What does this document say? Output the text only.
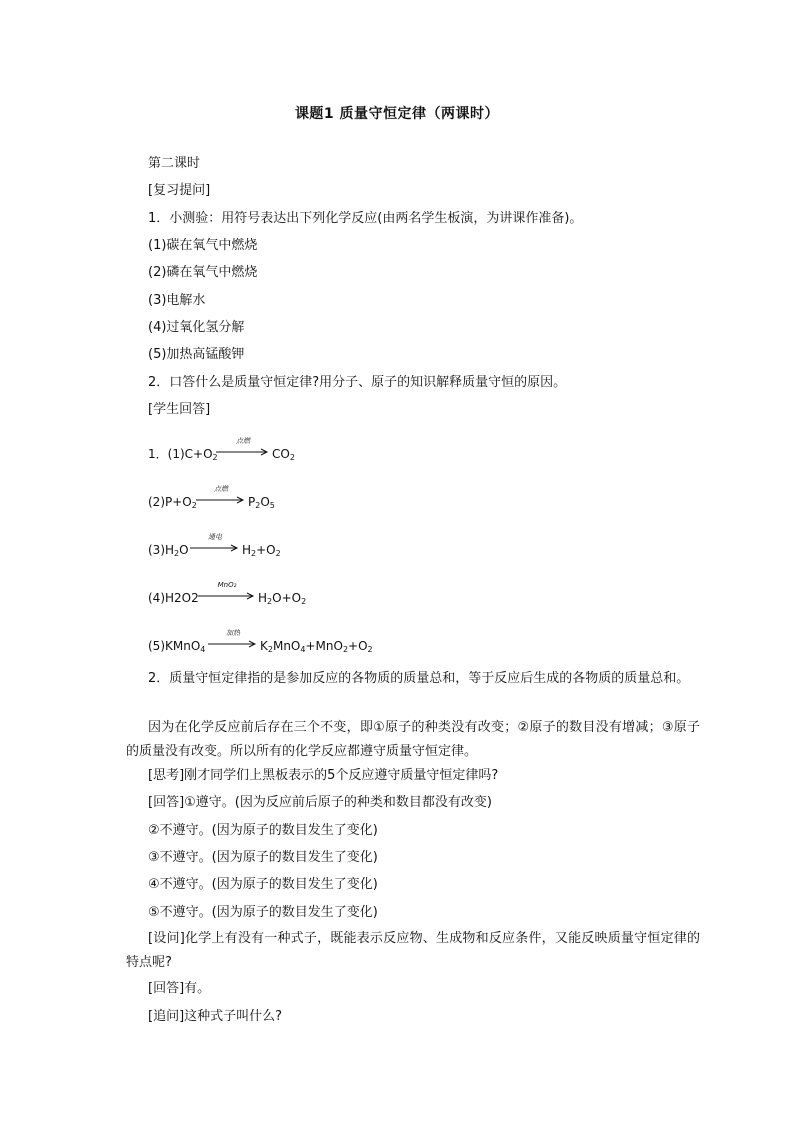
课题1 质量守恒定律（两课时）
第二课时
[复习提问]
1．小测验：用符号表达出下列化学反应(由两名学生板演，为讲课作准备)。
(1)碳在氧气中燃烧
(2)磷在氧气中燃烧
(3)电解水
(4)过氧化氢分解
(5)加热高锰酸钾
2．口答什么是质量守恒定律?用分子、原子的知识解释质量守恒的原因。
[学生回答]
1．$(1)C+O_2$
点燃
$CO_2$
$(2)P+O_2$
点燃
$P_2O_5$
$(3)H_2O$
通电
$H_2+O_2$
(4)H2O2
MnO₂
$H_2O+O_2$
(5)KMnO$_4$
加热
$K_2MnO_4+MnO_2+O_2$
2．质量守恒定律指的是参加反应的各物质的质量总和，等于反应后生成的各物质的质量总和。
因为在化学反应前后存在三个不变，即①原子的种类没有改变；②原子的数目没有增减；③原子的质量没有改变。所以所有的化学反应都遵守质量守恒定律。
[思考]刚才同学们上黑板表示的5个反应遵守质量守恒定律吗?
[回答]①遵守。(因为反应前后原子的种类和数目都没有改变)
②不遵守。(因为原子的数目发生了变化)
③不遵守。(因为原子的数目发生了变化)
④不遵守。(因为原子的数目发生了变化)
⑤不遵守。(因为原子的数目发生了变化)
[设问]化学上有没有一种式子，既能表示反应物、生成物和反应条件，又能反映质量守恒定律的特点呢?
[回答]有。
[追问]这种式子叫什么?
